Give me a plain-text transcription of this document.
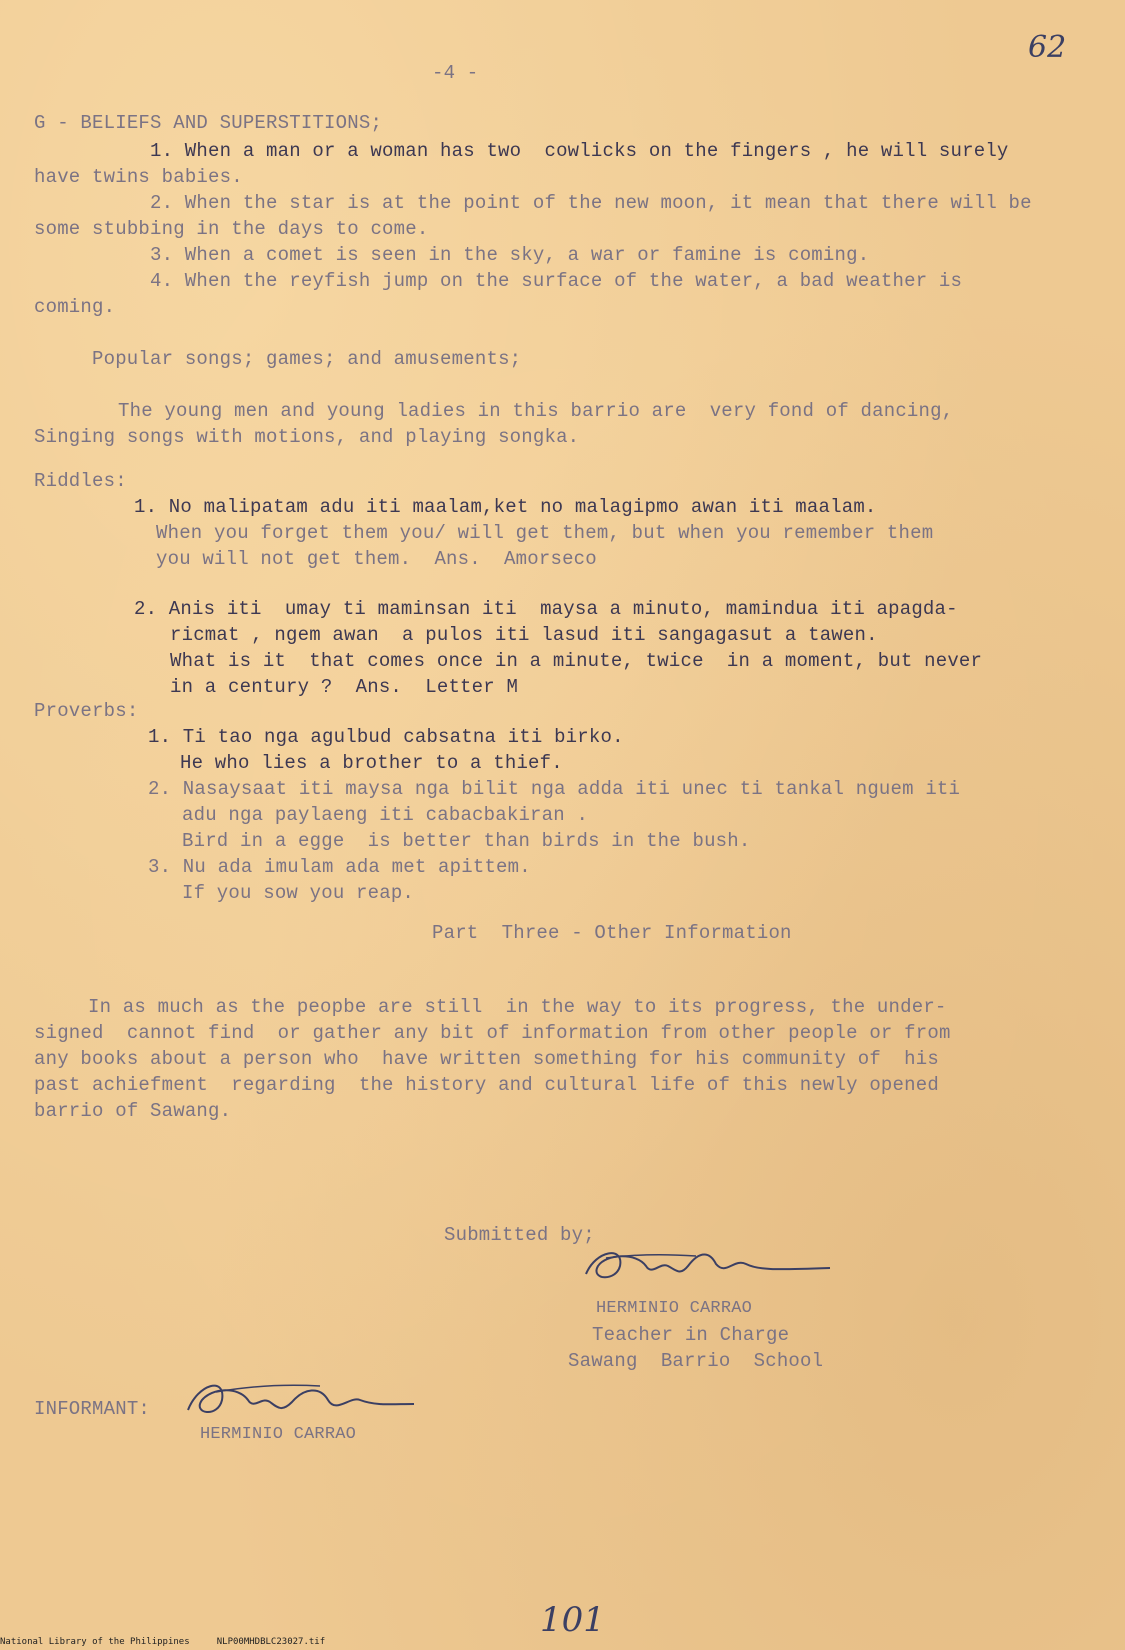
-4 -
62
G - BELIEFS AND SUPERSTITIONS;
1. When a man or a woman has two  cowlicks on the fingers , he will surely
have twins babies.
2. When the star is at the point of the new moon, it mean that there will be
some stubbing in the days to come.
3. When a comet is seen in the sky, a war or famine is coming.
4. When the reyfish jump on the surface of the water, a bad weather is
coming.
Popular songs; games; and amusements;
The young men and young ladies in this barrio are  very fond of dancing,
Singing songs with motions, and playing songka.
Riddles:
1. No malipatam adu iti maalam,ket no malagipmo awan iti maalam.
When you forget them you/ will get them, but when you remember them
you will not get them.  Ans.  Amorseco
2. Anis iti  umay ti maminsan iti  maysa a minuto, mamindua iti apagda-
ricmat , ngem awan  a pulos iti lasud iti sangagasut a tawen.
What is it  that comes once in a minute, twice  in a moment, but never
in a century ?  Ans.  Letter M
Proverbs:
1. Ti tao nga agulbud cabsatna iti birko.
He who lies a brother to a thief.
2. Nasaysaat iti maysa nga bilit nga adda iti unec ti tankal nguem iti
adu nga paylaeng iti cabacbakiran .
Bird in a egge  is better than birds in the bush.
3. Nu ada imulam ada met apittem.
If you sow you reap.
Part  Three - Other Information
In as much as the peopbe are still  in the way to its progress, the under-
signed  cannot find  or gather any bit of information from other people or from
any books about a person who  have written something for his community of  his
past achiefment  regarding  the history and cultural life of this newly opened
barrio of Sawang.
Submitted by;
HERMINIO CARRAO
Teacher in Charge
Sawang  Barrio  School
INFORMANT:
HERMINIO CARRAO
101
National Library of the Philippines	NLP00MHDBLC23027.tif
